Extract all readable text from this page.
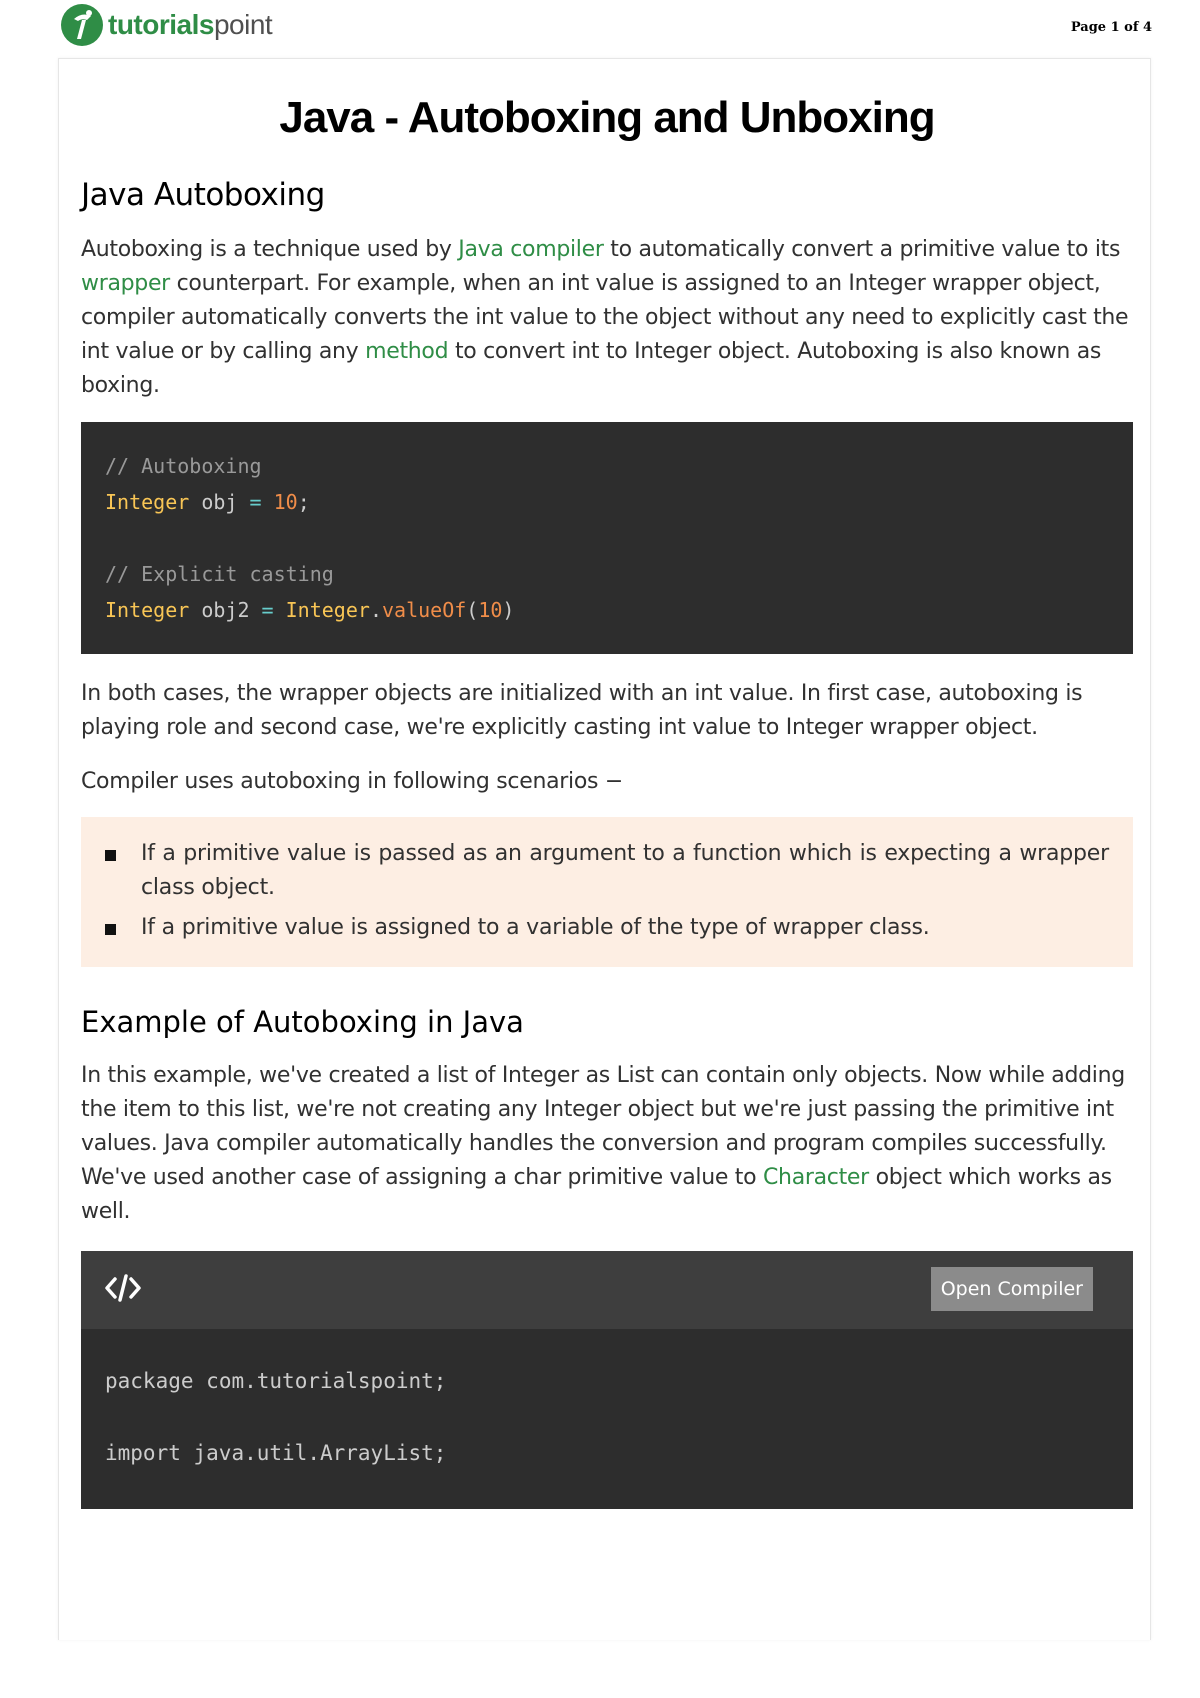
tutorialspoint	Page 1 of 4
Java - Autoboxing and Unboxing
Java Autoboxing

Autoboxing is a technique used by Java compiler to automatically convert a primitive value to its wrapper counterpart. For example, when an int value is assigned to an Integer wrapper object, compiler automatically converts the int value to the object without any need to explicitly cast the int value or by calling any method to convert int to Integer object. Autoboxing is also known as boxing.

// Autoboxing
Integer obj = 10;
// Explicit casting
Integer obj2 = Integer.valueOf(10)

In both cases, the wrapper objects are initialized with an int value. In first case, autoboxing is playing role and second case, we're explicitly casting int value to Integer wrapper object.

Compiler uses autoboxing in following scenarios −

If a primitive value is passed as an argument to a function which is expecting a wrapper class object.
If a primitive value is assigned to a variable of the type of wrapper class.
Example of Autoboxing in Java

In this example, we've created a list of Integer as List can contain only objects. Now while adding the item to this list, we're not creating any Integer object but we're just passing the primitive int values. Java compiler automatically handles the conversion and program compiles successfully. We've used another case of assigning a char primitive value to Character object which works as well.

Open Compiler
package com.tutorialspoint;
import java.util.ArrayList;
